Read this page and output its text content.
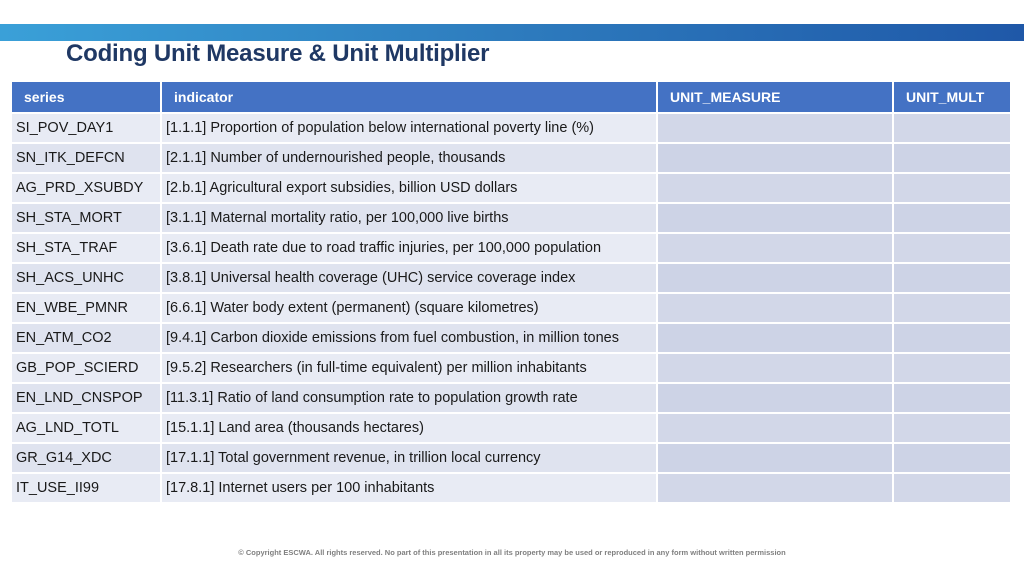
Coding Unit Measure & Unit Multiplier
series	indicator	UNIT_MEASURE	UNIT_MULT
SI_POV_DAY1	[1.1.1] Proportion of population below international poverty line (%)		
SN_ITK_DEFCN	[2.1.1] Number of undernourished people, thousands		
AG_PRD_XSUBDY	[2.b.1] Agricultural export subsidies, billion USD dollars		
SH_STA_MORT	[3.1.1] Maternal mortality ratio, per 100,000 live births		
SH_STA_TRAF	[3.6.1] Death rate due to road traffic injuries, per 100,000 population		
SH_ACS_UNHC	[3.8.1] Universal health coverage (UHC) service coverage index		
EN_WBE_PMNR	[6.6.1] Water body extent (permanent) (square kilometres)		
EN_ATM_CO2	[9.4.1] Carbon dioxide emissions from fuel combustion, in million tones		
GB_POP_SCIERD	[9.5.2] Researchers (in full-time equivalent) per million inhabitants		
EN_LND_CNSPOP	[11.3.1] Ratio of land consumption rate to population growth rate		
AG_LND_TOTL	[15.1.1] Land area (thousands hectares)		
GR_G14_XDC	[17.1.1] Total government revenue, in trillion local currency		
IT_USE_II99	[17.8.1] Internet users per 100 inhabitants		
© Copyright ESCWA. All rights reserved. No part of this presentation in all its property may be used or reproduced in any form without written permission
